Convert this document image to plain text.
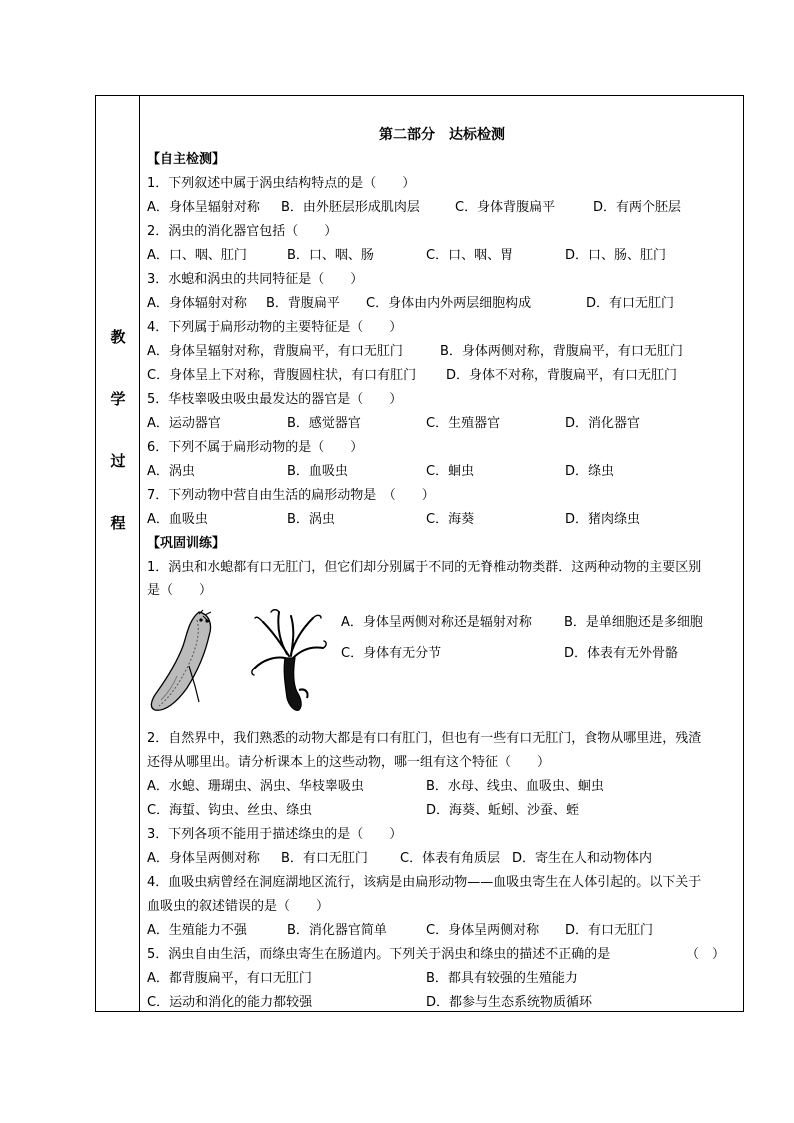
教
学
过
程
第二部分　达标检测
【自主检测】
1．下列叙述中属于涡虫结构特点的是（　　）
A．身体呈辐射对称 B．由外胚层形成肌肉层	C．身体背腹扁平	D．有两个胚层
2．涡虫的消化器官包括（　　）
A．口、咽、肛门	B．口、咽、肠	C．口、咽、胃	D．口、肠、肛门
3．水螅和涡虫的共同特征是（　　）
A．身体辐射对称 B．背腹扁平 C．身体由内外两层细胞构成	D．有口无肛门
4．下列属于扁形动物的主要特征是（　　）
A．身体呈辐射对称，背腹扁平，有口无肛门	B．身体两侧对称，背腹扁平，有口无肛门
C．身体呈上下对称，背腹圆柱状，有口有肛门 D．身体不对称，背腹扁平，有口无肛门
5．华枝睾吸虫吸虫最发达的器官是（　　）
A．运动器官	B．感觉器官	C．生殖器官	D．消化器官
6．下列不属于扁形动物的是（　　）
A．涡虫	B．血吸虫	C．蛔虫	D．绦虫
7．下列动物中营自由生活的扁形动物是　（　　）
A．血吸虫	B．涡虫	C．海葵	D．猪肉绦虫
【巩固训练】
1．涡虫和水螅都有口无肛门，但它们却分别属于不同的无脊椎动物类群．这两种动物的主要区别
是（　　）
A．身体呈两侧对称还是辐射对称 B．是单细胞还是多细胞
C．身体有无分节	D．体表有无外骨骼
2．自然界中，我们熟悉的动物大都是有口有肛门，但也有一些有口无肛门，食物从哪里进，残渣
还得从哪里出。请分析课本上的这些动物，哪一组有这个特征（　　）
A．水螅、珊瑚虫、涡虫、华枝睾吸虫	B．水母、线虫、血吸虫、蛔虫
C．海蜇、钩虫、丝虫、绦虫	D．海葵、蚯蚓、沙蚕、蛭
3．下列各项不能用于描述绦虫的是（　　）
A．身体呈两侧对称 B．有口无肛门 C．体表有角质层 D．寄生在人和动物体内
4．血吸虫病曾经在洞庭湖地区流行，该病是由扁形动物——血吸虫寄生在人体引起的。以下关于
血吸虫的叙述错误的是（　　）
A．生殖能力不强	B．消化器官简单	C．身体呈两侧对称 D．有口无肛门
5．涡虫自由生活，而绦虫寄生在肠道内。下列关于涡虫和绦虫的描述不正确的是	（　）
A．都背腹扁平，有口无肛门	B．都具有较强的生殖能力
C．运动和消化的能力都较强	D．都参与生态系统物质循环
